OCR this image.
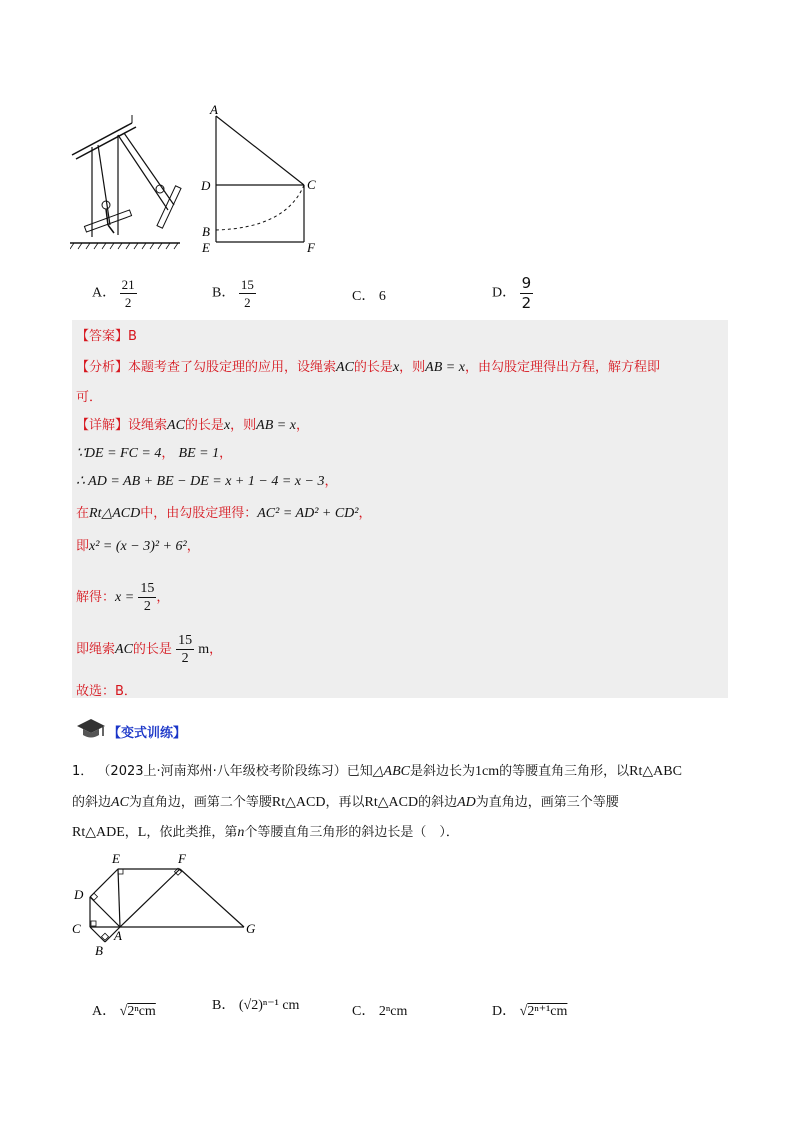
A
D	C
B
E	F
A． $\frac{21}{2}$	B． $\frac{15}{2}$	C． 6	D． $\frac{9}{2}$
【答案】B
【分析】本题考查了勾股定理的应用，设绳索AC的长是x，则AB = x，由勾股定理得出方程，解方程即
可．
【详解】设绳索AC的长是x，则AB = x，
∵DE = FC = 4， BE = 1，
∴ AD = AB + BE − DE = x + 1 − 4 = x − 3，
在Rt△ACD中，由勾股定理得：AC² = AD² + CD²，
即x² = (x − 3)² + 6²，
解得：$x = \frac{15}{2}$ ，
即绳索AC的长是 $\frac{15}{2}$ m，
故选：B．
【变式训练】
1． （2023上·河南郑州·八年级校考阶段练习）已知△ABC是斜边长为1cm的等腰直角三角形，以Rt△ABC
的斜边AC为直角边，画第二个等腰Rt△ACD，再以Rt△ACD的斜边AD为直角边，画第三个等腰
Rt△ADE，L，依此类推，第n个等腰直角三角形的斜边长是（　）．
E	F
D
C	A	G
B
A． √2ⁿcm	B． (√2)ⁿ⁻¹ cm	C． 2ⁿcm	D． √2ⁿ⁺¹cm
